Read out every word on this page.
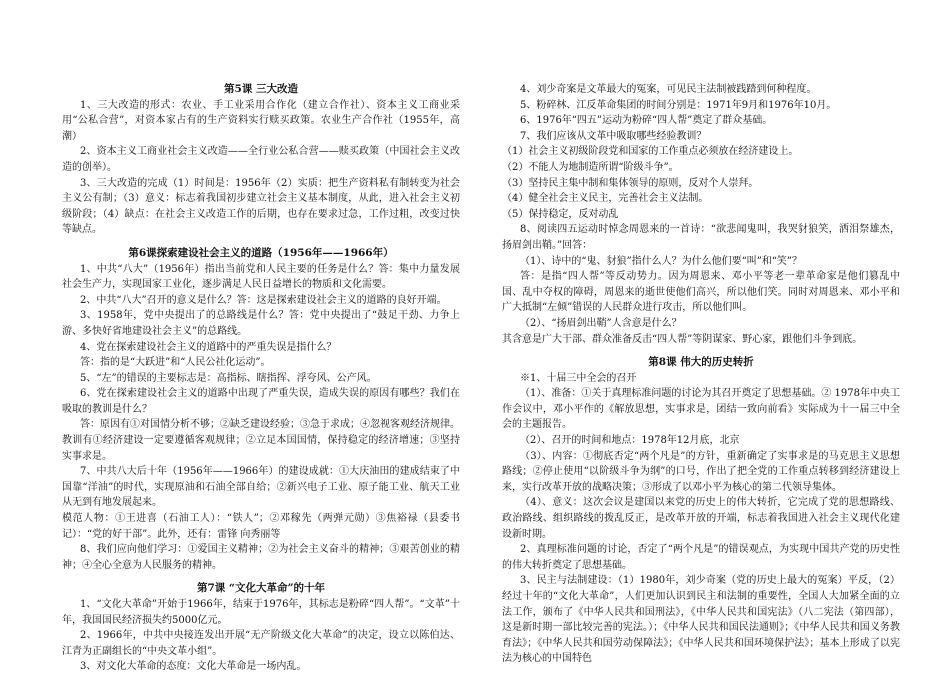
第5课 三大改造

1、三大改造的形式：农业、手工业采用合作化（建立合作社）、资本主义工商业采用“公私合营”，对资本家占有的生产资料实行赎买政策。农业生产合作社（1955年，高潮）

2、资本主义工商业社会主义改造——全行业公私合营——赎买政策（中国社会主义改造的创举）。

3、三大改造的完成（1）时间是：1956年（2）实质：把生产资料私有制转变为社会主义公有制；（3）意义：标志着我国初步建立社会主义基本制度，从此，进入社会主义初级阶段；（4）缺点：在社会主义改造工作的后期，也存在要求过急，工作过粗，改变过快等缺点。

第6课探索建设社会主义的道路（1956年——1966年）

1、中共“八大”（1956年）指出当前党和人民主要的任务是什么？答：集中力量发展社会生产力，实现国家工业化，逐步满足人民日益增长的物质和文化需要。

2、中共“八大”召开的意义是什么？答：这是探索建设社会主义的道路的良好开端。

3、1958年，党中央提出了的总路线是什么？答：党中央提出了“鼓足干劲、力争上游、多快好省地建设社会主义”的总路线。

4、党在探索建设社会主义的道路中的严重失误是指什么？

答：指的是“大跃进”和“人民公社化运动”。

5、“左”的错误的主要标志是：高指标、瞎指挥、浮夸风、公产风。

6、党在探索建设社会主义的道路中出现了严重失误，造成失误的原因有哪些？我们在吸取的教训是什么？

答：原因有①对国情分析不够；②缺乏建设经验；③急于求成；④忽视客观经济规律。教训有①经济建设一定要遵循客观规律；②立足本国国情，保持稳定的经济增速；③坚持实事求是。

7、中共八大后十年（1956年——1966年）的建设成就：①大庆油田的建成结束了中国靠“洋油”的时代，实现原油和石油全部自给；②新兴电子工业、原子能工业、航天工业从无到有地发展起来。

模范人物：①王进喜（石油工人）：“铁人”；②邓稼先（两弹元勋）③焦裕禄（县委书记）：“党的好干部”。此外，还有：雷锋 向秀丽等

8、我们应向他们学习：①爱国主义精神；②为社会主义奋斗的精神；③艰苦创业的精神；④全心全意为人民服务的精神。

第7课 “文化大革命”的十年

1、“文化大革命”开始于1966年，结束于1976年，其标志是粉碎“四人帮”。“文革”十年，我国国民经济损失约5000亿元。

2、1966年，中共中央接连发出开展“无产阶级文化大革命”的决定，设立以陈伯达、江青为正副组长的“中央文革小组”。

3、对文化大革命的态度：文化大革命是一场内乱。

4、刘少奇案是文革最大的冤案，可见民主法制被践踏到何种程度。

5、粉碎林、江反革命集团的时间分别是：1971年9月和1976年10月。

6、1976年“四五”运动为粉碎“四人帮”奠定了群众基础。

7、我们应该从文革中吸取哪些经验教训？

（1）社会主义初级阶段党和国家的工作重点必须放在经济建设上。

（2）不能人为地制造所谓“阶级斗争”。

（3）坚持民主集中制和集体领导的原则，反对个人崇拜。

（4）健全社会主义民主，完善社会主义法制。

（5）保持稳定，反对动乱

8、阅读四五运动时悼念周恩来的一首诗：“欲悲闻鬼叫，我哭豺狼笑，洒泪祭雄杰，扬眉剑出鞘。”回答：

（1）、诗中的“鬼、豺狼”指什么人？为什么他们要“叫”和“笑”？

答：是指“四人帮”等反动势力。因为周恩来、邓小平等老一辈革命家是他们篡乱中国、乱中夺权的障碍，周恩来的逝世使他们高兴，所以他们笑。同时对周恩来、邓小平和广大抵制“左倾”错误的人民群众进行攻击，所以他们叫。

（2）、“扬眉剑出鞘”人含意是什么？

其含意是广大干部、群众准备反击“四人帮”等阴谋家、野心家，跟他们斗争到底。

第8课 伟大的历史转折

※1、十届三中全会的召开

（1）、准备：①关于真理标准问题的讨论为其召开奠定了思想基础。② 1978年中央工作会议中，邓小平作的《解放思想，实事求是，团结一致向前看》实际成为十一届三中全会的主题报告。

（2）、召开的时间和地点：1978年12月底，北京

（3）、内容：①彻底否定“两个凡是”的方针，重新确定了实事求是的马克思主义思想路线；②停止使用“以阶级斗争为纲”的口号，作出了把全党的工作重点转移到经济建设上来，实行改革开放的战略决策；③形成了以邓小平为核心的第二代领导集体。

（4）、意义：这次会议是建国以来党的历史上的伟大转折，它完成了党的思想路线、政治路线、组织路线的拨乱反正，是改革开放的开端，标志着我国进入社会主义现代化建设新时期。

2、真理标准问题的讨论，否定了“两个凡是”的错误观点，为实现中国共产党的历史性的伟大转折奠定了思想基础。

3、民主与法制建设：（1）1980年，刘少奇案（党的历史上最大的冤案）平反，（2）经过十年的“文化大革命”，人们更加认识到民主和法制的重要性，全国人大加紧全面的立法工作，颁布了《中华人民共和国刑法》，《中华人民共和国宪法》（八二宪法（第四部），这是新时期一部比较完善的宪法。）；《中华人民共和国民法通则》；《中华人民共和国义务教育法》；《中华人民共和国劳动保障法》；《中华人民共和国环境保护法》；基本上形成了以宪法为核心的中国特色
